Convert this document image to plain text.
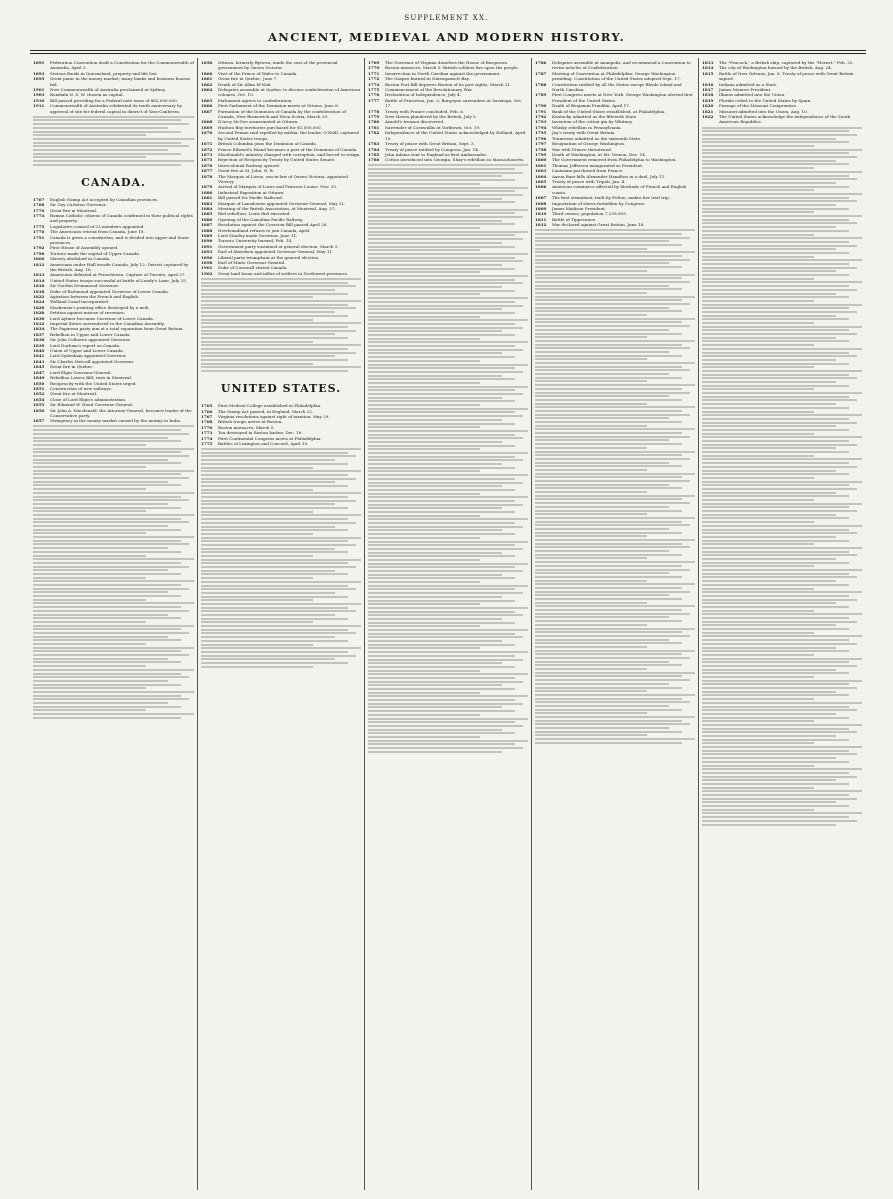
SUPPLEMENT XX.
ANCIENT, MEDIEVAL AND MODERN HISTORY.
1891	Federation Convention draft a Constitution for the Commonwealth of Australia, April 3.
1893	Serious floods in Queensland, property and life lost.
1895	Great panic in the money market; many banks and business houses fail.
1901	New Commonwealth of Australia proclaimed at Sydney.
1903	Bombala N. S. W. chosen as capital.
1910	Bill passed providing for a Federal note issue of $65,000,000.
1911	Commonwealth of Australia celebrated its tenth anniversary by approval of site for federal capital in district of Yass-Canberra.
CANADA.
1767	English Stamp Act accepted by Canadian provinces.
1768	Sir Guy Carleton Governor.
1770	Great fire in Montreal.
1774	Roman Catholic citizens of Canada confirmed in their political rights and property.
1775	Legislative council of 23 members appointed.
1776	The Americans retreat from Canada, June 18.
1791	Canada is given a constitution, and is divided into upper and lower provinces.
1792	First House of Assembly opened.
1796	Toronto made the capital of Upper Canada.
1800	Slavery abolished in Canada.
1812	Americans under Hull invade Canada, July 12; Detroit captured by the British, Aug. 16.
1813	Americans defeated at Frenchtown. Capture of Toronto, April 27.
1814	United States troops successful at battle of Lundy's Lane, July 25.
1816	Sir Gordon Drummond Governor.
1818	Duke of Richmond appointed Governor of Lower Canada.
1822	Agitation between the French and English.
1824	Welland Canal incorporated.
1826	Mackenzie's printing office destroyed by a mob.
1828	Petition against misuse of revenues.
1830	Lord Aylmer becomes Governor of Lower Canada.
1832	Imperial duties surrendered to the Canadian Assembly.
1834	The Papineau party aim at a total separation from Great Britain.
1837	Rebellion in Upper and Lower Canada.
1838	Sir John Colborne appointed Governor.
1839	Lord Durham's report on Canada.
1840	Union of Upper and Lower Canada.
1841	Lord Sydenham appointed Governor.
1843	Sir Charles Metcalf appointed Governor.
1845	Great fire in Quebec.
1847	Lord Elgin Governor-General.
1849	Rebellion Losses Bill; riots in Montreal.
1850	Reciprocity with the United States urged.
1851	Construction of new railways.
1852	Great fire at Montreal.
1854	Close of Lord Elgin's administration.
1855	Sir Edmund W. Head Governor-General.
1856	Sir John A. Macdonald, the Attorney-General, becomes leader of the Conservative party.
1857	Stringency in the money market caused by the mutiny in India.
1858	Ottawa, formerly Bytown, made the seat of the provincial government by Queen Victoria.
1860	Visit of the Prince of Wales to Canada.
1861	Great fire in Quebec, June 7.
1862	Death of Sir Allan M'Nab.
1864	Delegates assemble at Quebec to discuss confederation of American colonies, Oct. 10.
1865	Parliament agrees to confederation.
1866	First Parliament of the Dominion meets at Ottawa, June 8.
1867	Formation of the Dominion of Canada by the confederation of Canada, New Brunswick and Nova Scotia, March 29.
1868	D'Arcy McGee assassinated at Ottawa.
1869	Hudson Bay territories purchased for $1,500,000.
1870	Second Fenian raid repelled by militia; the leader, O'Neill, captured by United States troops.
1871	British Columbia joins the Dominion of Canada.
1872	Prince Edward's Island becomes a part of the Dominion of Canada.
1873	Macdonald's ministry charged with corruption, and forced to resign.
1875	Rejection of Reciprocity Treaty by United States Senate.
1876	Intercolonial Railway opened.
1877	Great fire at St. John, N. B.
1878	The Marquis of Lorne, son-in-law of Queen Victoria, appointed Viceroy.
1879	Arrival of Marquis of Lorne and Princess Louise, Nov. 25.
1880	Industrial Exposition at Ottawa.
1881	Bill passed for Pacific Railroad.
1883	Marquis of Lansdowne appointed Governor-General, May 21.
1884	Meeting of the British Association, at Montreal, Aug. 27.
1885	Riel rebellion; Louis Riel executed.
1886	Opening of the Canadian Pacific Railway.
1887	Resolution against the Coercion Bill passed April 26.
1888	Newfoundland refuses to join Canada, April.
1889	Lord Stanley made Governor, June 11.
1890	Toronto University burned, Feb. 14.
1891	Government party sustained at general election, March 5.
1893	Earl of Aberdeen appointed Governor-General, May 11.
1896	Liberal party triumphant at the general election.
1898	Earl of Minto Governor-General.
1901	Duke of Cornwall visited Canada.
1902	Great land boom and influx of settlers in Northwest provinces.
UNITED STATES.
1765	First Medical College established in Philadelphia.
1766	The Stamp Act passed, in England, March 22.
1767	Virginia resolutions against right of taxation, May 29.
1768	British troops arrive at Boston.
1770	Boston massacre, March 5.
1773	Tea destroyed in Boston harbor, Dec. 16.
1774	First Continental Congress meets at Philadelphia.
1775	Battles of Lexington and Concord, April 19.
1769	The Governor of Virginia dissolves the House of Burgesses.
1770	Boston massacre, March 5: British soldiers fire upon the people.
1771	Insurrection in North Carolina against the government.
1772	The Gaspee burned in Narragansett Bay.
1774	Boston Port Bill deprives Boston of its port rights, March 31.
1775	Commencement of the Revolutionary War.
1776	Declaration of Independence, July 4.
1777	Battle of Princeton, Jan. 3; Burgoyne surrenders at Saratoga, Oct. 17.
1778	Treaty with France concluded, Feb. 6.
1779	New Haven plundered by the British, July 5.
1780	Arnold's treason discovered.
1781	Surrender of Cornwallis at Yorktown, Oct. 19.
1782	Independence of the United States acknowledged by Holland, April 19.
1783	Treaty of peace with Great Britain, Sept. 3.
1784	Treaty of peace ratified by Congress, Jan. 14.
1785	John Adams sent to England as first Ambassador.
1786	Cotton introduced into Georgia. Shay's rebellion in Massachusetts.
1786	Delegates assemble at Annapolis, and recommend a Convention to revise articles of Confederation.
1787	Meeting of Convention at Philadelphia; George Washington presiding. Constitution of the United States adopted Sept. 17.
1788	Constitution ratified by all the States except Rhode Island and North Carolina.
1789	First Congress meets at New York. George Washington elected first President of the United States.
1790	Death of Benjamin Franklin, April 17.
1791	Bank of the United States established, at Philadelphia.
1792	Kentucky admitted as the fifteenth State.
1793	Invention of the cotton gin by Whitney.
1794	Whisky rebellion in Pennsylvania.
1795	Jay's treaty with Great Britain.
1796	Tennessee admitted as the sixteenth State.
1797	Resignation of George Washington.
1798	War with France threatened.
1799	Death of Washington, at Mt. Vernon, Dec. 14.
1800	The Government removed from Philadelphia to Washington.
1801	Thomas Jefferson inaugurated as President.
1803	Louisiana purchased from France.
1804	Aaron Burr kills Alexander Hamilton in a duel, July 11.
1805	Treaty of peace with Tripoli, Jan. 4.
1806	American commerce affected by blockade of French and English coasts.
1807	The first steamboat, built by Fulton, makes her trial trip.
1808	Importation of slaves forbidden by Congress.
1809	James Madison President.
1810	Third census; population 7,239,903.
1811	Battle of Tippecanoe.
1812	War declared against Great Britain, June 18.
1813	The "Peacock," a British ship, captured by the "Hornet," Feb. 25.
1814	The city of Washington burned by the British, Aug. 24.
1815	Battle of New Orleans, Jan. 8. Treaty of peace with Great Britain signed.
1816	Indiana admitted as a State.
1817	James Monroe President.
1818	Illinois admitted into the Union.
1819	Florida ceded to the United States by Spain.
1820	Passage of the Missouri Compromise.
1821	Missouri admitted into the Union, Aug. 10.
1822	The United States acknowledge the independence of the South American Republics.
